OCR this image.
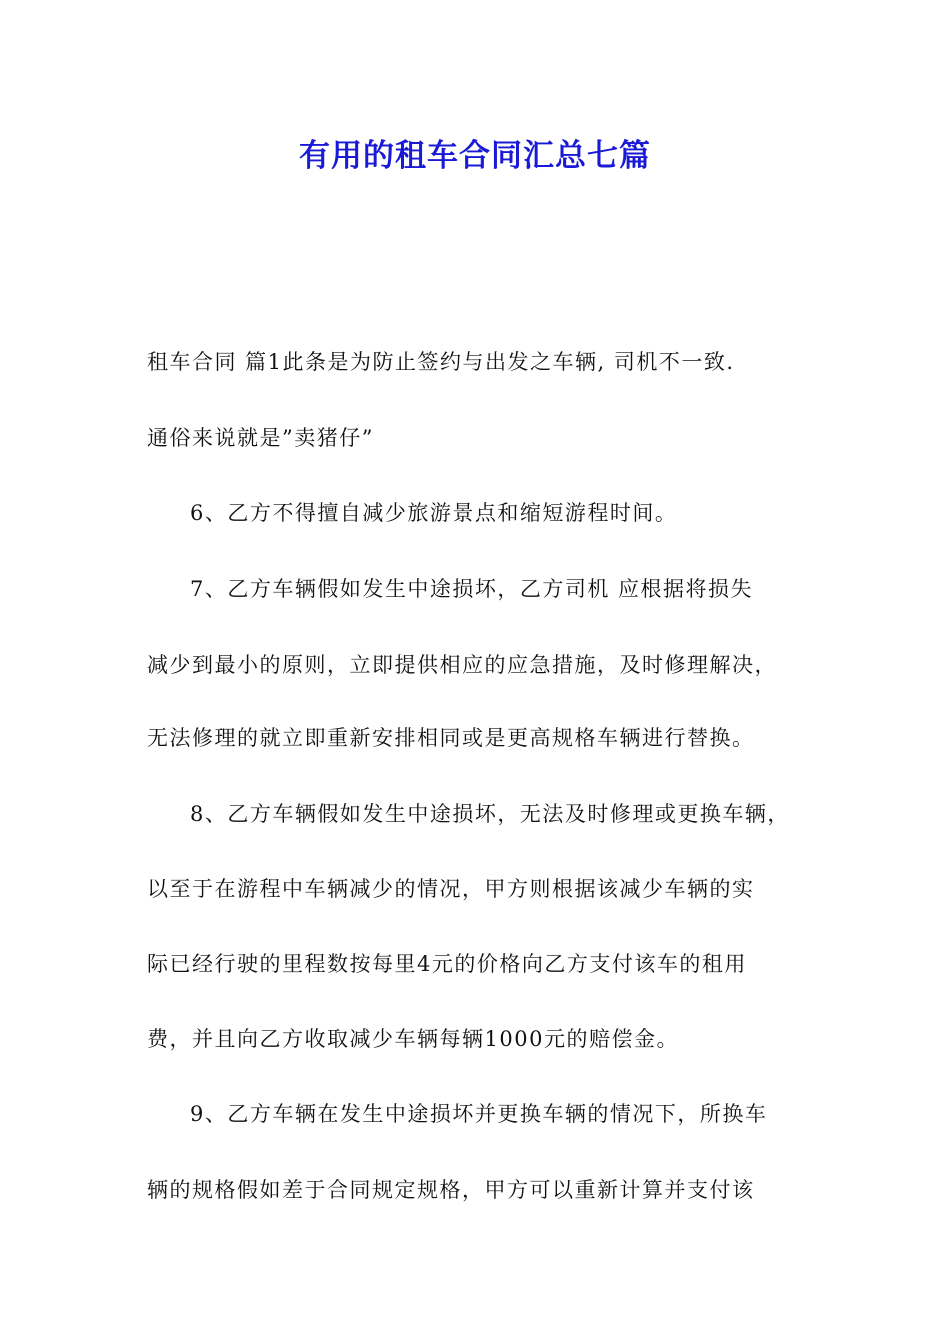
有用的租车合同汇总七篇

租车合同 篇1此条是为防止签约与出发之车辆, 司机不一致.

通俗来说就是”卖猪仔”

6、乙方不得擅自减少旅游景点和缩短游程时间。

7、乙方车辆假如发生中途损坏，乙方司机 应根据将损失

减少到最小的原则，立即提供相应的应急措施，及时修理解决，

无法修理的就立即重新安排相同或是更高规格车辆进行替换。

8、乙方车辆假如发生中途损坏，无法及时修理或更换车辆，

以至于在游程中车辆减少的情况，甲方则根据该减少车辆的实

际已经行驶的里程数按每里4元的价格向乙方支付该车的租用

费，并且向乙方收取减少车辆每辆1000元的赔偿金。

9、乙方车辆在发生中途损坏并更换车辆的情况下，所换车

辆的规格假如差于合同规定规格，甲方可以重新计算并支付该
